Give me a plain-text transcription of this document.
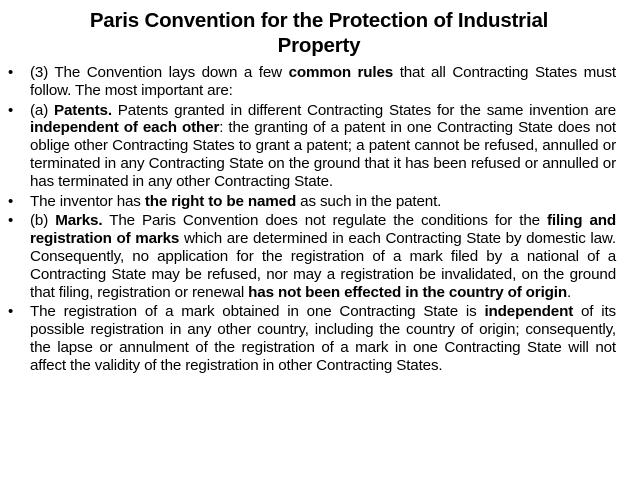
Paris Convention for the Protection of Industrial
Property
•	(3) The Convention lays down a few common rules that all Contracting States must follow. The most important are:
•	(a) Patents. Patents granted in different Contracting States for the same invention are independent of each other: the granting of a patent in one Contracting State does not oblige other Contracting States to grant a patent; a patent cannot be refused, annulled or terminated in any Contracting State on the ground that it has been refused or annulled or has terminated in any other Contracting State.
•	The inventor has the right to be named as such in the patent.
•	(b) Marks. The Paris Convention does not regulate the conditions for the filing and registration of marks which are determined in each Contracting State by domestic law. Consequently, no application for the registration of a mark filed by a national of a Contracting State may be refused, nor may a registration be invalidated, on the ground that filing, registration or renewal has not been effected in the country of origin.
•	The registration of a mark obtained in one Contracting State is independent of its possible registration in any other country, including the country of origin; consequently, the lapse or annulment of the registration of a mark in one Contracting State will not affect the validity of the registration in other Contracting States.
